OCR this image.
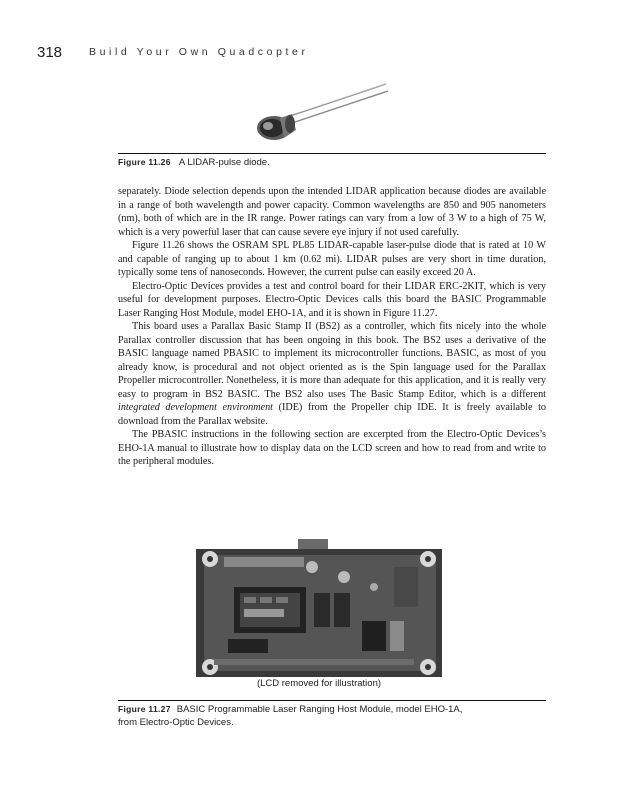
318	Build Your Own Quadcopter
Figure 11.26 A LIDAR-pulse diode.

separately. Diode selection depends upon the intended LIDAR application because diodes are available in a range of both wavelength and power capacity. Common wavelengths are 850 and 905 nanometers (nm), both of which are in the IR range. Power ratings can vary from a low of 3 W to a high of 75 W, which is a very powerful laser that can cause severe eye injury if not used carefully.

Figure 11.26 shows the OSRAM SPL PL85 LIDAR-capable laser-pulse diode that is rated at 10 W and capable of ranging up to about 1 km (0.62 mi). LIDAR pulses are very short in time duration, typically some tens of nanoseconds. However, the current pulse can easily exceed 20 A.

Electro-Optic Devices provides a test and control board for their LIDAR ERC-2KIT, which is very useful for development purposes. Electro-Optic Devices calls this board the BASIC Programmable Laser Ranging Host Module, model EHO-1A, and it is shown in Figure 11.27.

This board uses a Parallax Basic Stamp II (BS2) as a controller, which fits nicely into the whole Parallax controller discussion that has been ongoing in this book. The BS2 uses a derivative of the BASIC language named PBASIC to implement its microcontroller functions. BASIC, as most of you already know, is procedural and not object oriented as is the Spin language used for the Parallax Propeller microcontroller. Nonetheless, it is more than adequate for this application, and it is really very easy to program in BS2 BASIC. The BS2 also uses The Basic Stamp Editor, which is a different integrated development environment (IDE) from the Propeller chip IDE. It is freely available to download from the Parallax website.

The PBASIC instructions in the following section are excerpted from the Electro-Optic Devices’s EHO-1A manual to illustrate how to display data on the LCD screen and how to read from and write to the peripheral modules.

(LCD removed for illustration)
Figure 11.27 BASIC Programmable Laser Ranging Host Module, model EHO-1A,
from Electro-Optic Devices.
